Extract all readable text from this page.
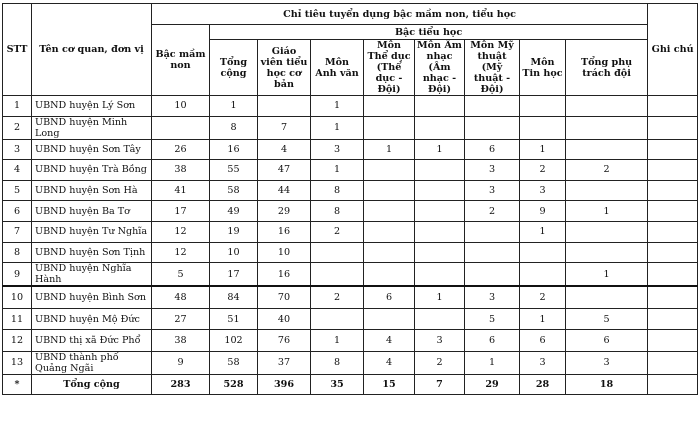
STT	Tên cơ quan, đơn vị	Chỉ tiêu tuyển dụng bậc mầm non, tiểu học									Ghi chú
		Bậc mầm non	Bậc tiểu học								
			Tổng cộng	Giáo viên tiểu học cơ bản	Môn Anh văn	Môn Thể dục (Thể dục - Đội)	Môn Âm nhạc (Âm nhạc - Đội)	Môn Mỹ thuật (Mỹ thuật - Đội)	Môn Tin học	Tổng phụ trách đội	
1	UBND huyện Lý Sơn	10	1		1						
2	UBND huyện Minh Long		8	7	1						
3	UBND huyện Sơn Tây	26	16	4	3	1	1	6	1		
4	UBND huyện Trà Bồng	38	55	47	1			3	2	2	
5	UBND huyện Sơn Hà	41	58	44	8			3	3		
6	UBND huyện Ba Tơ	17	49	29	8			2	9	1	
7	UBND huyện Tư Nghĩa	12	19	16	2				1		
8	UBND huyện Sơn Tịnh	12	10	10							
9	UBND huyện Nghĩa Hành	5	17	16						1	
10	UBND huyện Bình Sơn	48	84	70	2	6	1	3	2		
11	UBND huyện Mộ Đức	27	51	40				5	1	5	
12	UBND thị xã Đức Phổ	38	102	76	1	4	3	6	6	6	
13	UBND thành phố Quảng Ngãi	9	58	37	8	4	2	1	3	3	
*	Tổng cộng	283	528	396	35	15	7	29	28	18	
